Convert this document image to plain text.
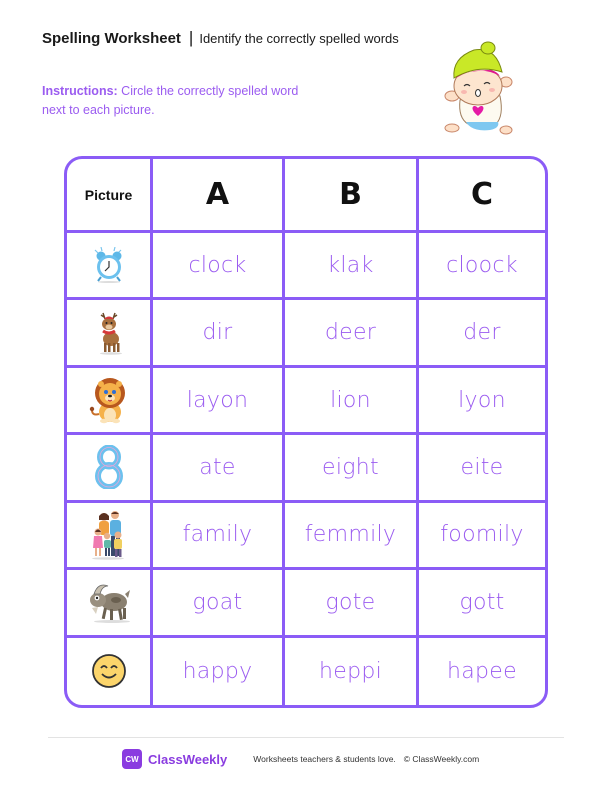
Spelling Worksheet | Identify the correctly spelled words
Instructions: Circle the correctly spelled word next to each picture.
Picture A	B	C
clock	klak	cloock
dir	deer	der
layon	lion	lyon
ate	eight	eite
family femmily foomily
goat	gote	gott
happy	heppi	hapee
CW ClassWeekly	Worksheets teachers & students love. © ClassWeekly.com
